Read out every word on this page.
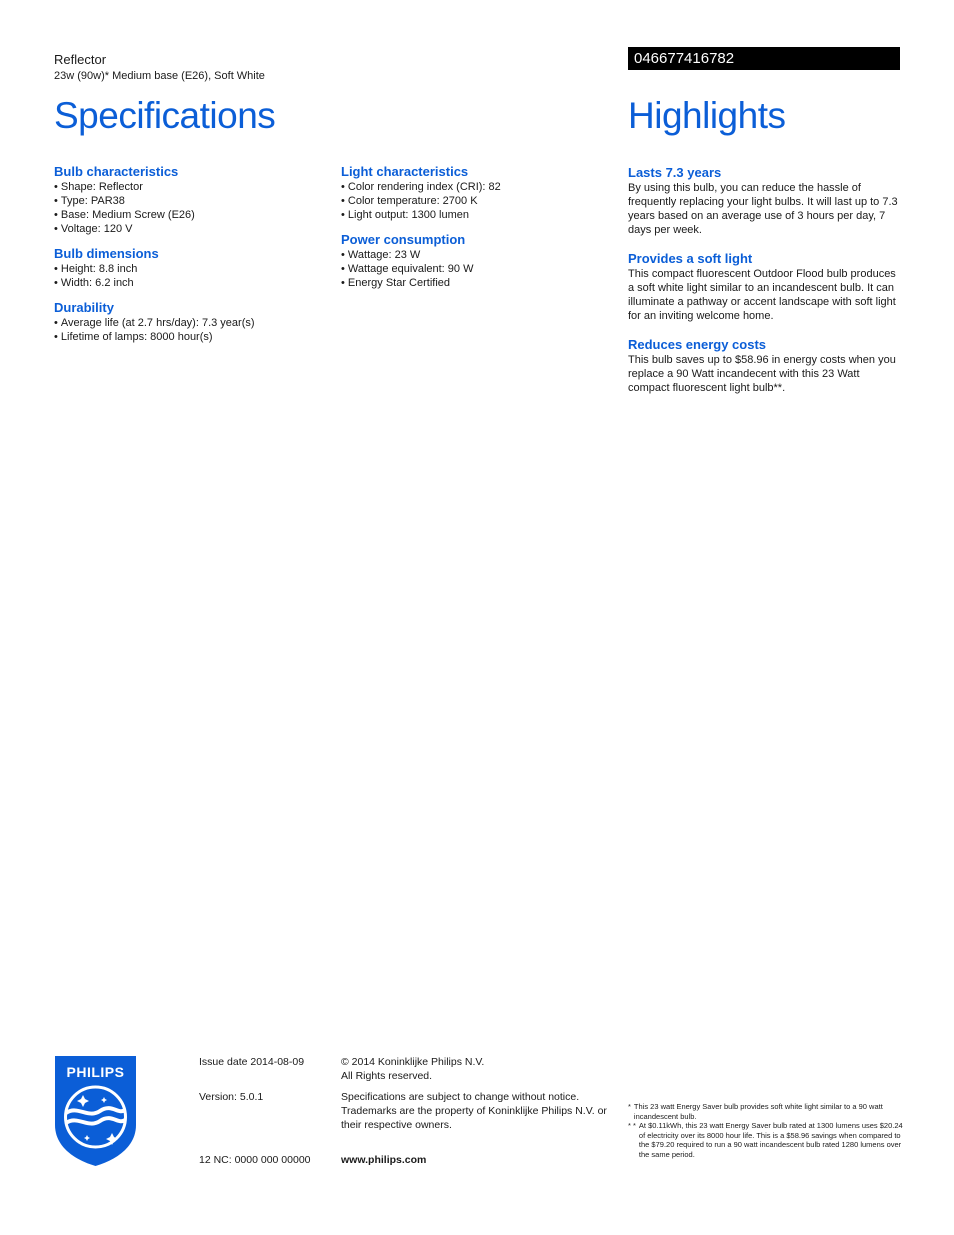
Reflector
23w (90w)* Medium base (E26), Soft White
046677416782
Specifications	Highlights
Bulb characteristics
• Shape: Reflector
• Type: PAR38
• Base: Medium Screw (E26)
• Voltage: 120 V
Bulb dimensions
• Height: 8.8 inch
• Width: 6.2 inch
Durability
• Average life (at 2.7 hrs/day): 7.3 year(s)
• Lifetime of lamps: 8000 hour(s)
Light characteristics
• Color rendering index (CRI): 82
• Color temperature: 2700 K
• Light output: 1300 lumen
Power consumption
• Wattage: 23 W
• Wattage equivalent: 90 W
• Energy Star Certified
Lasts 7.3 years
By using this bulb, you can reduce the hassle of frequently replacing your light bulbs. It will last up to 7.3 years based on an average use of 3 hours per day, 7 days per week.
Provides a soft light
This compact fluorescent Outdoor Flood bulb produces a soft white light similar to an incandescent bulb. It can illuminate a pathway or accent landscape with soft light for an inviting welcome home.
Reduces energy costs
This bulb saves up to $58.96 in energy costs when you replace a 90 Watt incandecent with this 23 Watt compact fluorescent light bulb**.
PHILIPS
Issue date 2014-08-09
Version: 5.0.1
12 NC: 0000 000 00000
© 2014 Koninklijke Philips N.V.
All Rights reserved.
Specifications are subject to change without notice. Trademarks are the property of Koninklijke Philips N.V. or their respective owners.
www.philips.com
* This 23 watt Energy Saver bulb provides soft white light similar to a 90 watt incandescent bulb.
* * At $0.11kWh, this 23 watt Energy Saver bulb rated at 1300 lumens uses $20.24 of electricity over its 8000 hour life. This is a $58.96 savings when compared to the $79.20 required to run a 90 watt incandescent bulb rated 1280 lumens over the same period.
